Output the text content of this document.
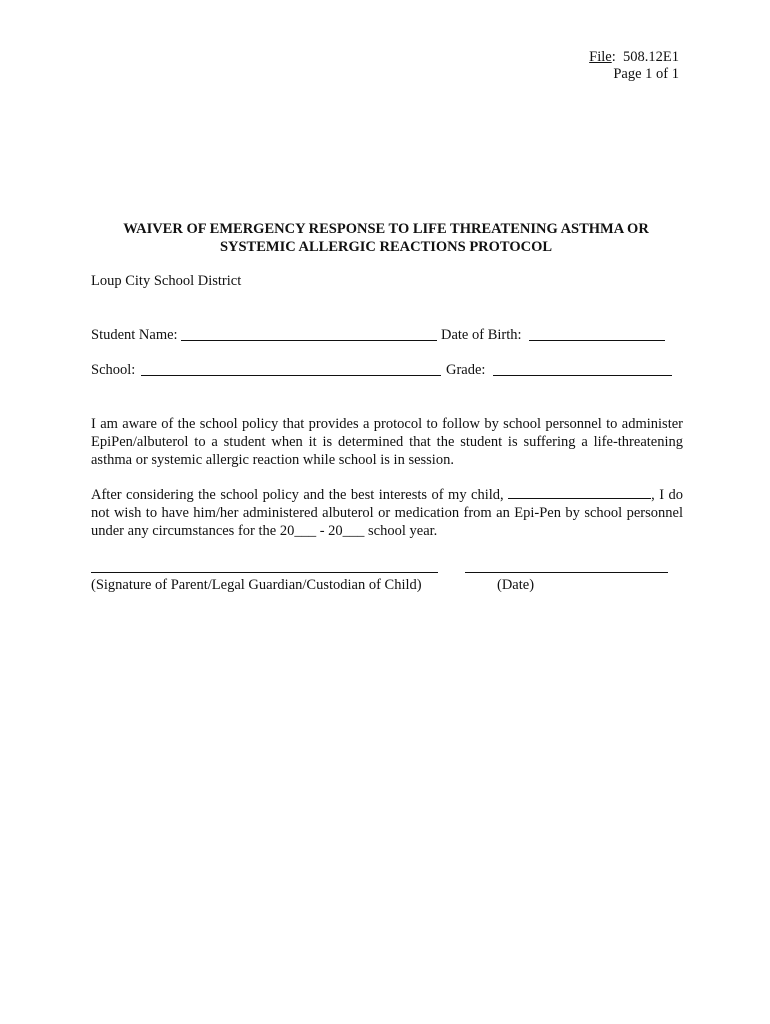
File:  508.12E1
Page 1 of 1
WAIVER OF EMERGENCY RESPONSE TO LIFE THREATENING ASTHMA OR
SYSTEMIC ALLERGIC REACTIONS PROTOCOL
Loup City School District
Student Name:	Date of Birth:
School:	Grade:
I am aware of the school policy that provides a protocol to follow by school personnel to administer EpiPen/albuterol to a student when it is determined that the student is suffering a life-threatening asthma or systemic allergic reaction while school is in session.
After considering the school policy and the best interests of my child,	, I do not wish to have him/her administered albuterol or medication from an Epi-Pen by school personnel under any circumstances for the 20___ - 20___ school year.
(Signature of Parent/Legal Guardian/Custodian of Child)	(Date)
